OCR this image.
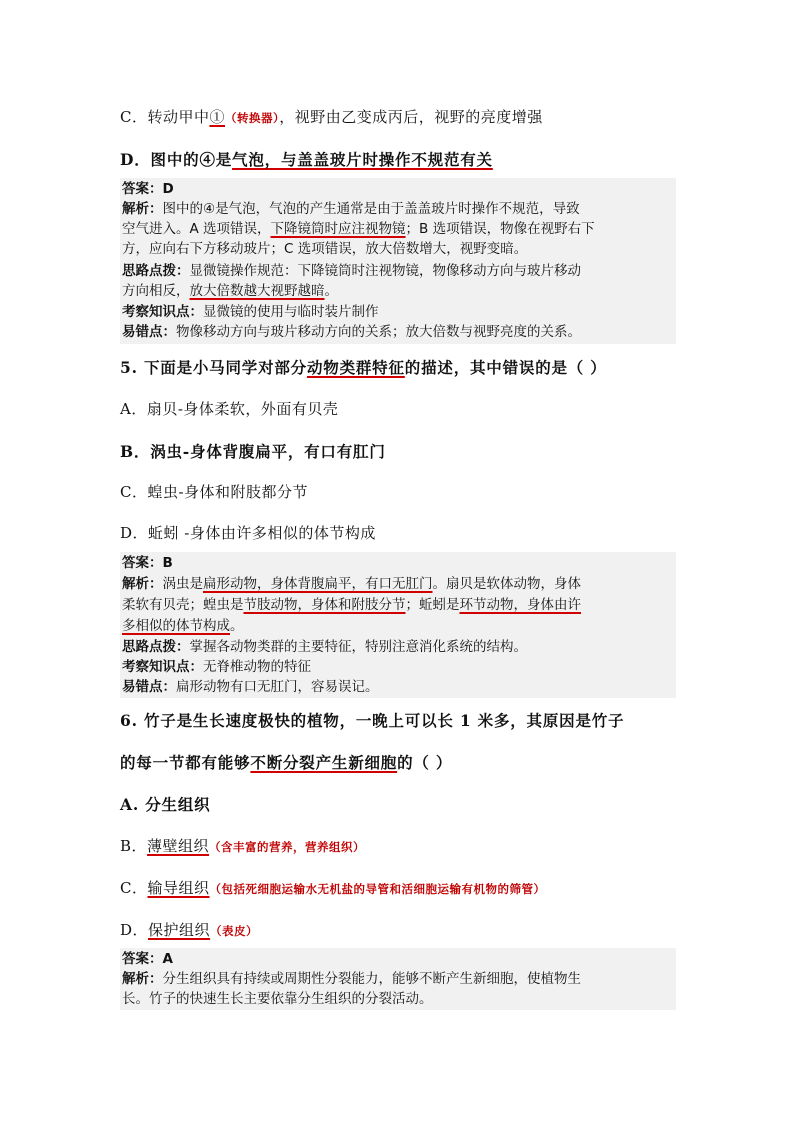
C．转动甲中①（转换器），视野由乙变成丙后，视野的亮度增强
D．图中的④是气泡，与盖盖玻片时操作不规范有关
答案：D
解析：图中的④是气泡，气泡的产生通常是由于盖盖玻片时操作不规范，导致
空气进入。A 选项错误，下降镜筒时应注视物镜；B 选项错误，物像在视野右下
方，应向右下方移动玻片；C 选项错误，放大倍数增大，视野变暗。
思路点拨：显微镜操作规范：下降镜筒时注视物镜，物像移动方向与玻片移动
方向相反，放大倍数越大视野越暗。
考察知识点：显微镜的使用与临时装片制作
易错点：物像移动方向与玻片移动方向的关系；放大倍数与视野亮度的关系。
5. 下面是小马同学对部分动物类群特征的描述，其中错误的是（ ）
A．扇贝-身体柔软，外面有贝壳
B．涡虫-身体背腹扁平，有口有肛门
C．蝗虫-身体和附肢都分节
D．蚯蚓 -身体由许多相似的体节构成
答案：B
解析：涡虫是扁形动物，身体背腹扁平，有口无肛门。扇贝是软体动物，身体
柔软有贝壳；蝗虫是节肢动物，身体和附肢分节；蚯蚓是环节动物，身体由许
多相似的体节构成。
思路点拨：掌握各动物类群的主要特征，特别注意消化系统的结构。
考察知识点：无脊椎动物的特征
易错点：扁形动物有口无肛门，容易误记。
6. 竹子是生长速度极快的植物，一晚上可以长 1 米多，其原因是竹子
的每一节都有能够不断分裂产生新细胞的（ ）
A. 分生组织
B．薄壁组织（含丰富的营养，营养组织）
C．输导组织（包括死细胞运输水无机盐的导管和活细胞运输有机物的筛管）
D．保护组织（表皮）
答案：A
解析：分生组织具有持续或周期性分裂能力，能够不断产生新细胞，使植物生
长。竹子的快速生长主要依靠分生组织的分裂活动。
